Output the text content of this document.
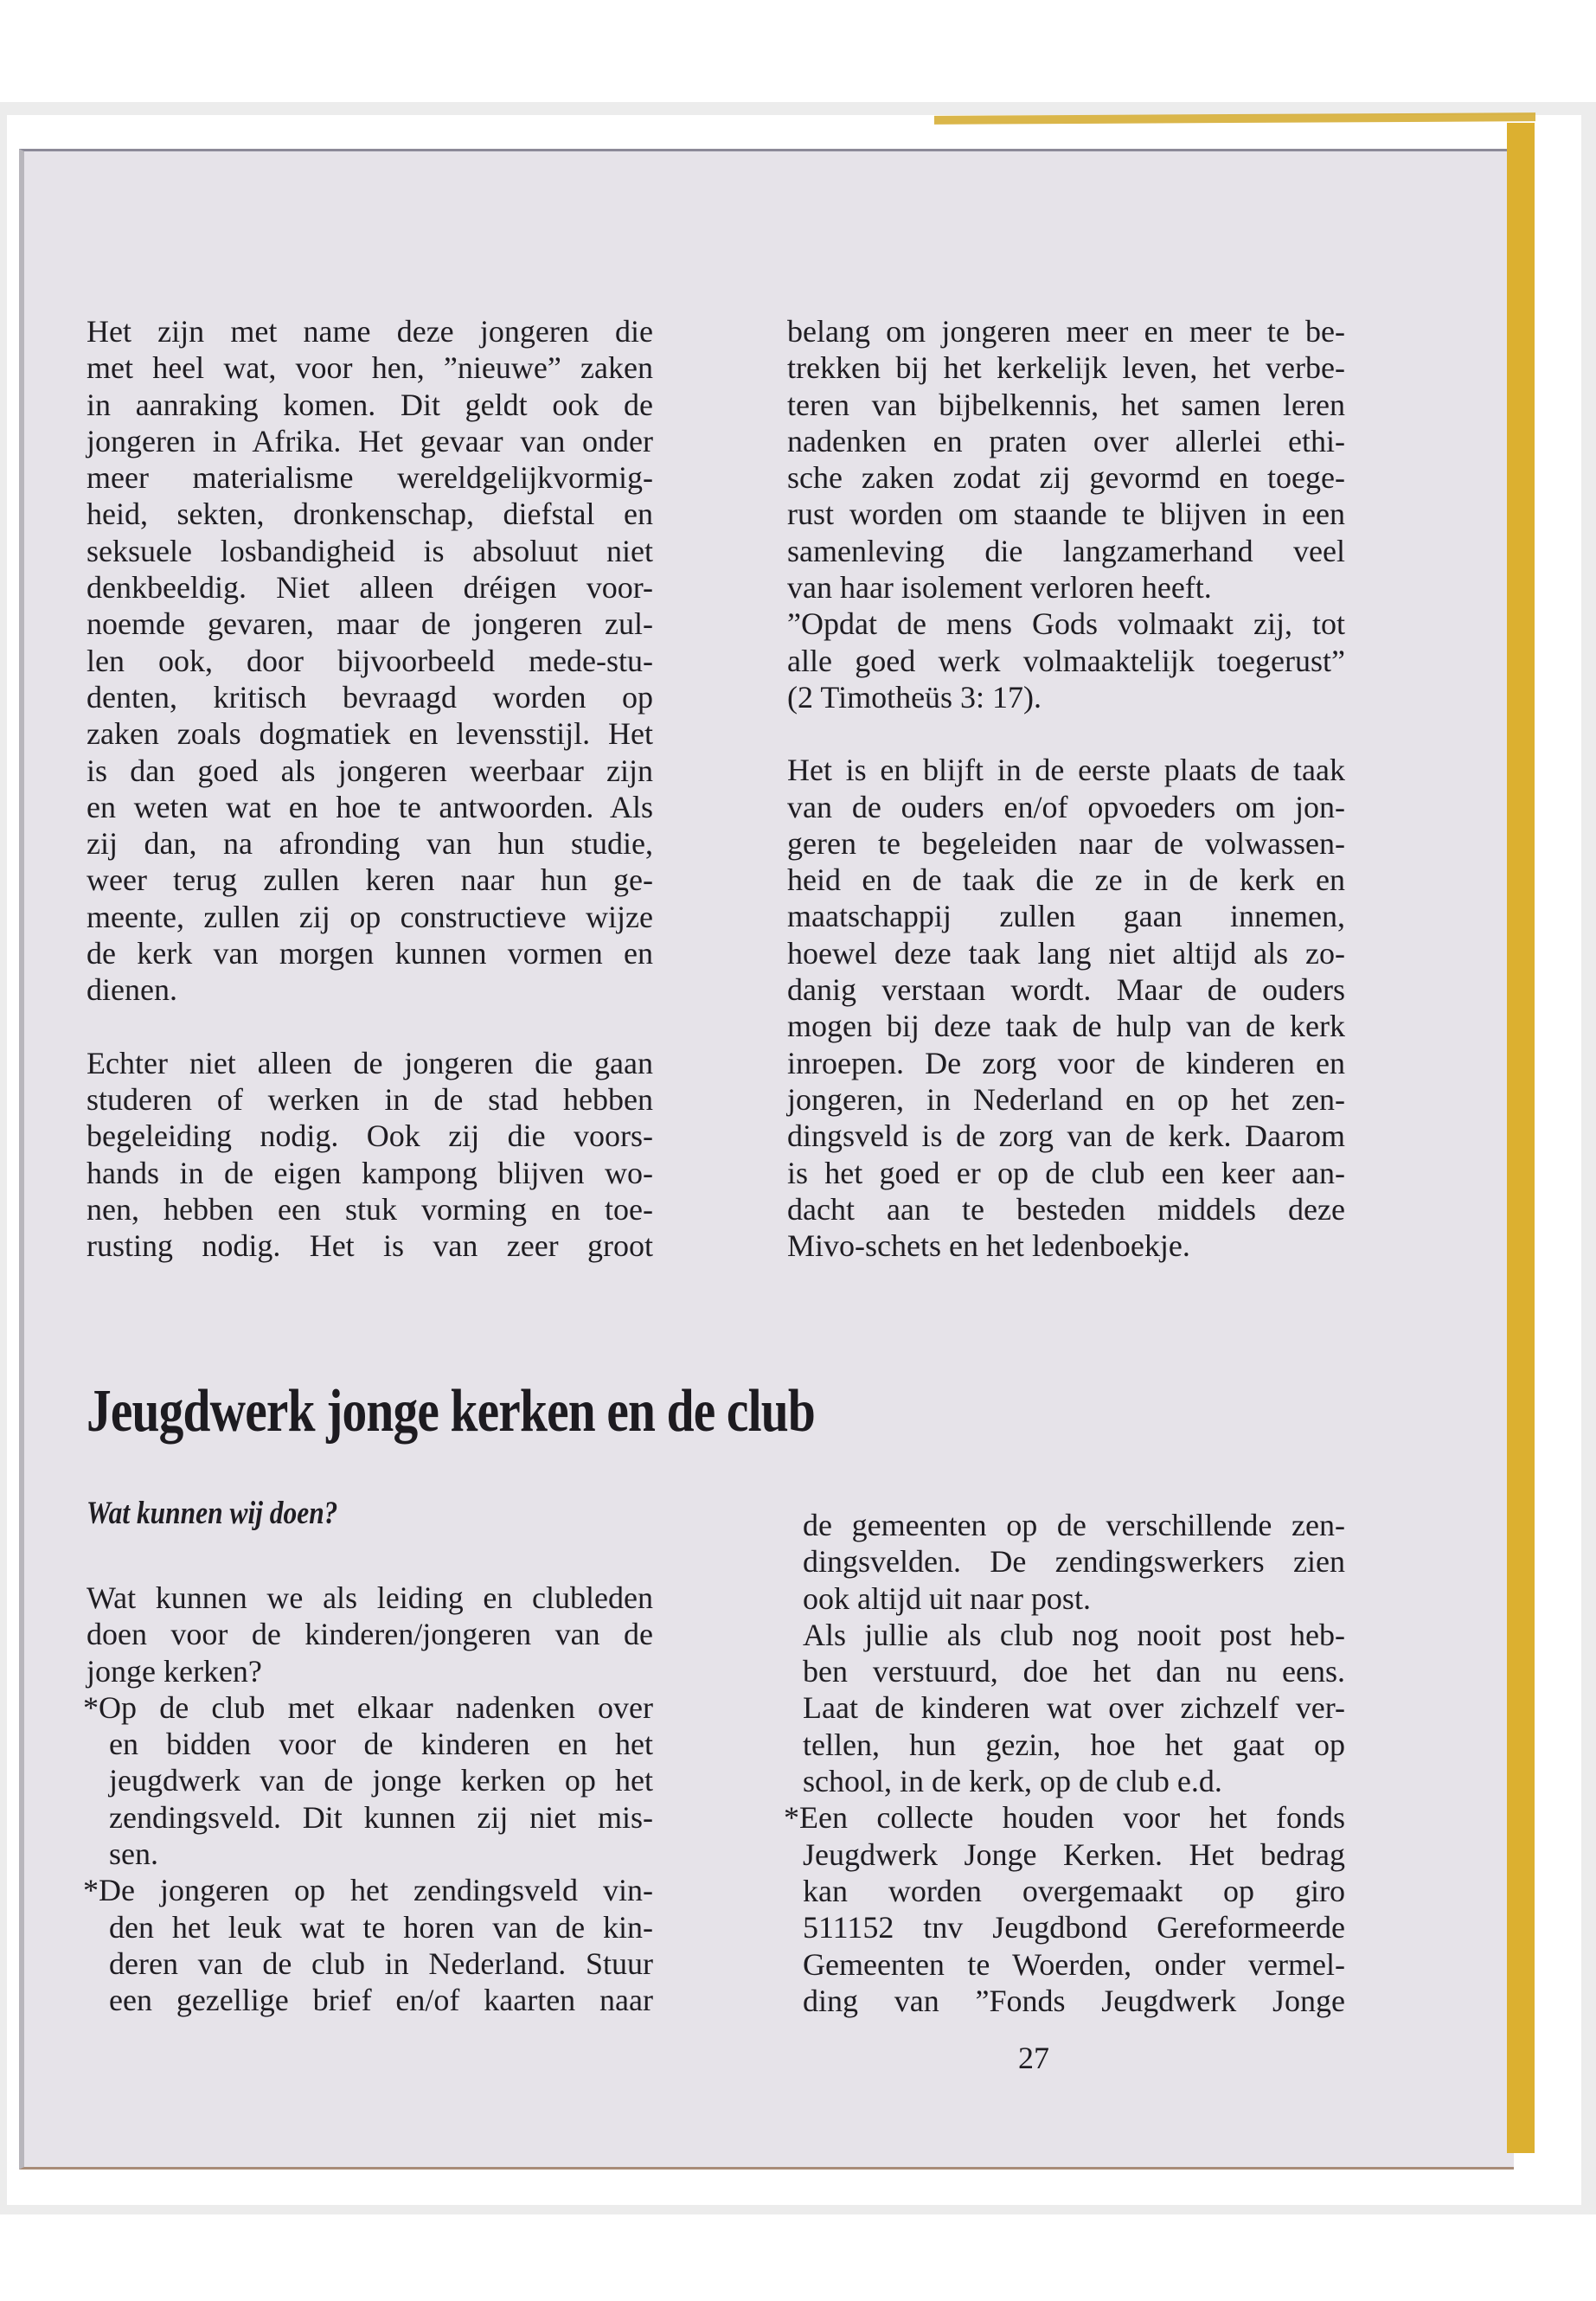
Het zijn met name deze jongeren die
met heel wat, voor hen, ”nieuwe” zaken
in aanraking komen. Dit geldt ook de
jongeren in Afrika. Het gevaar van onder
meer materialisme wereldgelijkvormig-
heid, sekten, dronkenschap, diefstal en
seksuele losbandigheid is absoluut niet
denkbeeldig. Niet alleen dréigen voor-
noemde gevaren, maar de jongeren zul-
len ook, door bijvoorbeeld mede-stu-
denten, kritisch bevraagd worden op
zaken zoals dogmatiek en levensstijl. Het
is dan goed als jongeren weerbaar zijn
en weten wat en hoe te antwoorden. Als
zij dan, na afronding van hun studie,
weer terug zullen keren naar hun ge-
meente, zullen zij op constructieve wijze
de kerk van morgen kunnen vormen en
dienen.
Echter niet alleen de jongeren die gaan
studeren of werken in de stad hebben
begeleiding nodig. Ook zij die voors-
hands in de eigen kampong blijven wo-
nen, hebben een stuk vorming en toe-
rusting nodig. Het is van zeer groot
belang om jongeren meer en meer te be-
trekken bij het kerkelijk leven, het verbe-
teren van bijbelkennis, het samen leren
nadenken en praten over allerlei ethi-
sche zaken zodat zij gevormd en toege-
rust worden om staande te blijven in een
samenleving die langzamerhand veel
van haar isolement verloren heeft.
”Opdat de mens Gods volmaakt zij, tot
alle goed werk volmaaktelijk toegerust”
(2 Timotheüs 3: 17).
Het is en blijft in de eerste plaats de taak
van de ouders en/of opvoeders om jon-
geren te begeleiden naar de volwassen-
heid en de taak die ze in de kerk en
maatschappij zullen gaan innemen,
hoewel deze taak lang niet altijd als zo-
danig verstaan wordt. Maar de ouders
mogen bij deze taak de hulp van de kerk
inroepen. De zorg voor de kinderen en
jongeren, in Nederland en op het zen-
dingsveld is de zorg van de kerk. Daarom
is het goed er op de club een keer aan-
dacht aan te besteden middels deze
Mivo-schets en het ledenboekje.
Jeugdwerk jonge kerken en de club
Wat kunnen wij doen?
Wat kunnen we als leiding en clubleden
doen voor de kinderen/jongeren van de
jonge kerken?
*Op de club met elkaar nadenken over
en bidden voor de kinderen en het
jeugdwerk van de jonge kerken op het
zendingsveld. Dit kunnen zij niet mis-
sen.
*De jongeren op het zendingsveld vin-
den het leuk wat te horen van de kin-
deren van de club in Nederland. Stuur
een gezellige brief en/of kaarten naar
de gemeenten op de verschillende zen-
dingsvelden. De zendingswerkers zien
ook altijd uit naar post.
Als jullie als club nog nooit post heb-
ben verstuurd, doe het dan nu eens.
Laat de kinderen wat over zichzelf ver-
tellen, hun gezin, hoe het gaat op
school, in de kerk, op de club e.d.
*Een collecte houden voor het fonds
Jeugdwerk Jonge Kerken. Het bedrag
kan worden overgemaakt op giro
511152 tnv Jeugdbond Gereformeerde
Gemeenten te Woerden, onder vermel-
ding van ”Fonds Jeugdwerk Jonge
27
